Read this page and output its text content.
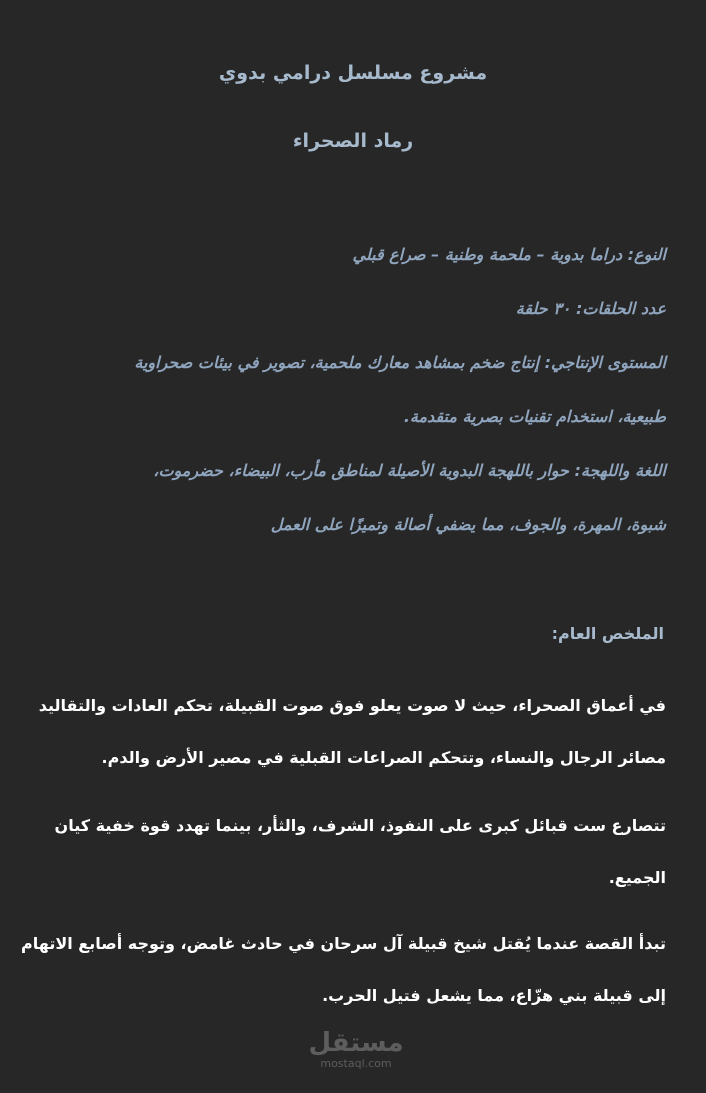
مشروع مسلسل درامي بدوي
رماد الصحراء
النوع: دراما بدوية – ملحمة وطنية – صراع قبلي
عدد الحلقات: ٣٠ حلقة
المستوى الإنتاجي: إنتاج ضخم بمشاهد معارك ملحمية، تصوير في بيئات صحراوية
طبيعية، استخدام تقنيات بصرية متقدمة.
اللغة واللهجة: حوار باللهجة البدوية الأصيلة لمناطق مأرب، البيضاء، حضرموت،
شبوة، المهرة، والجوف، مما يضفي أصالة وتميزًا على العمل
الملخص العام:
في أعماق الصحراء، حيث لا صوت يعلو فوق صوت القبيلة، تحكم العادات والتقاليد
مصائر الرجال والنساء، وتتحكم الصراعات القبلية في مصير الأرض والدم.
تتصارع ست قبائل كبرى على النفوذ، الشرف، والثأر، بينما تهدد قوة خفية كيان
الجميع.
تبدأ القصة عندما يُقتل شيخ قبيلة آل سرحان في حادث غامض، وتوجه أصابع الاتهام
إلى قبيلة بني هزّاع، مما يشعل فتيل الحرب.
مستقل
mostaql.com
